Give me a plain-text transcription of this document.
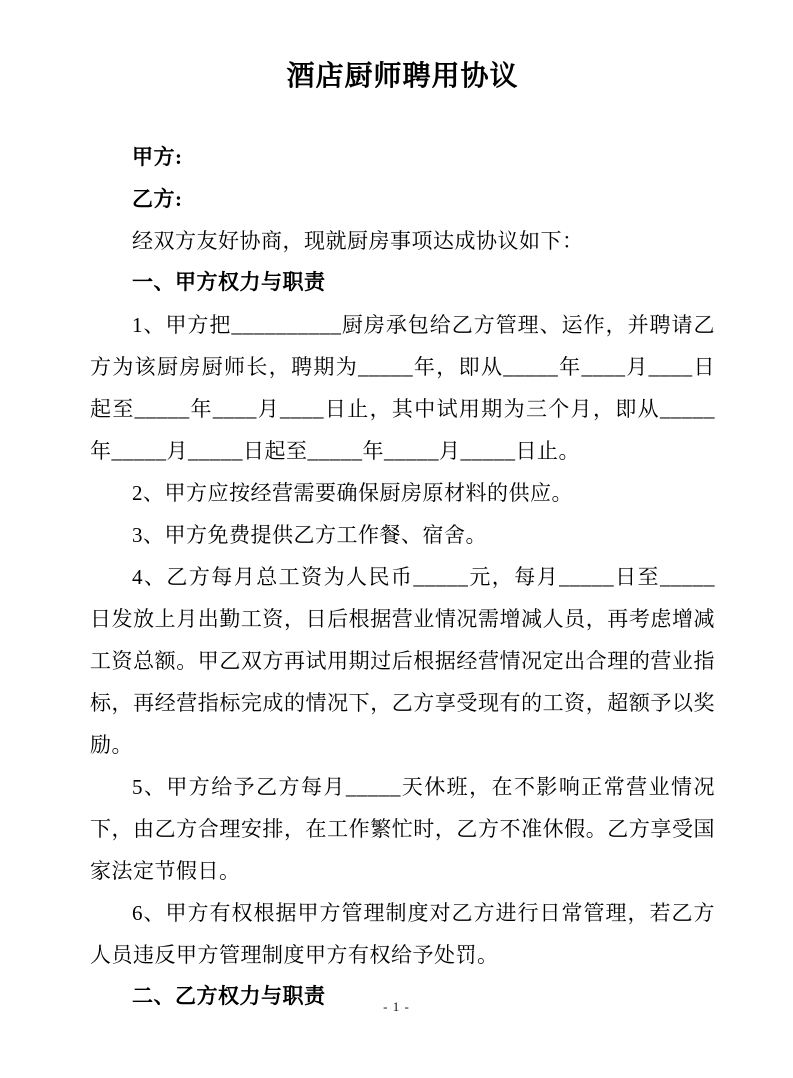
酒店厨师聘用协议

甲方:

乙方:

经双方友好协商，现就厨房事项达成协议如下：

一、甲方权力与职责

1、甲方把__________厨房承包给乙方管理、运作，并聘请乙方为该厨房厨师长，聘期为_____年，即从_____年____月____日起至_____年____月____日止，其中试用期为三个月，即从_____年_____月_____日起至_____年_____月_____日止。

2、甲方应按经营需要确保厨房原材料的供应。

3、甲方免费提供乙方工作餐、宿舍。

4、乙方每月总工资为人民币_____元，每月_____日至_____日发放上月出勤工资，日后根据营业情况需增减人员，再考虑增减工资总额。甲乙双方再试用期过后根据经营情况定出合理的营业指标，再经营指标完成的情况下，乙方享受现有的工资，超额予以奖励。

5、甲方给予乙方每月_____天休班，在不影响正常营业情况下，由乙方合理安排，在工作繁忙时，乙方不准休假。乙方享受国家法定节假日。

6、甲方有权根据甲方管理制度对乙方进行日常管理，若乙方人员违反甲方管理制度甲方有权给予处罚。

二、乙方权力与职责	- 1 -
